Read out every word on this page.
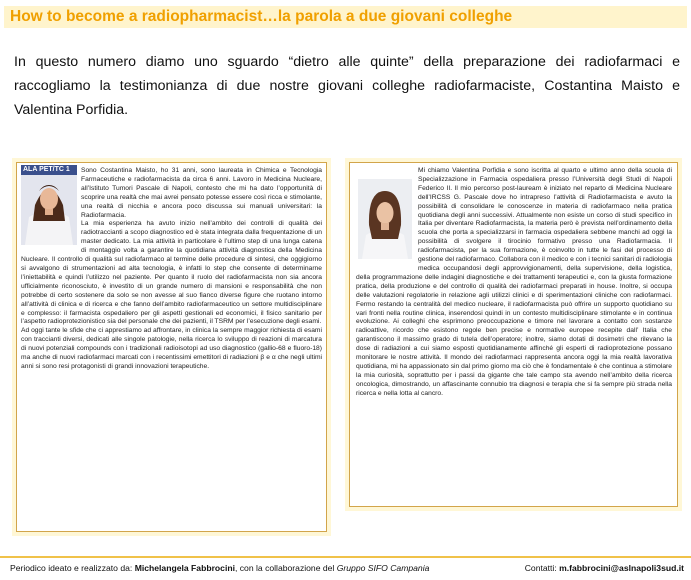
How to become a radiopharmacist…la parola a due giovani colleghe
In questo numero diamo uno sguardo “dietro alle quinte” della preparazione dei radiofarmaci e raccogliamo la testimonianza di due nostre giovani colleghe radiofarmaciste, Costantina Maisto e Valentina Porfidia.
ALA PET/TC 1	Sono Costantina Maisto, ho 31 anni, sono laureata in Chimica e Tecnologia Farmaceutiche e radiofarmacista da circa 6 anni. Lavoro in Medicina Nucleare, all’Istituto Tumori Pascale di Napoli, contesto che mi ha dato l’opportunità di scoprire una realtà che mai avrei pensato potesse essere così ricca e stimolante, una realtà di nicchia e ancora poco discussa sui manuali universitari: la Radiofarmacia.

La mia esperienza ha avuto inizio nell’ambito dei controlli di qualità dei radiotraccianti a scopo diagnostico ed è stata integrata dalla frequentazione di un master dedicato. La mia attività in particolare è l’ultimo step di una lunga catena di montaggio volta a garantire la quotidiana attività diagnostica della Medicina Nucleare. Il controllo di qualità sul radiofarmaco al termine delle procedure di sintesi, che oggigiorno si avvalgono di strumentazioni ad alta tecnologia, è infatti lo step che consente di determinarne l’iniettabilità e quindi l’utilizzo nel paziente. Per quanto il ruolo del radiofarmacista non sia ancora ufficialmente riconosciuto, è investito di un grande numero di mansioni e responsabilità che non potrebbe di certo sostenere da solo se non avesse al suo fianco diverse figure che ruotano intorno all’attività di clinica e di ricerca e che fanno dell’ambito radiofarmaceutico un settore multidisciplinare e complesso: il farmacista ospedaliero per gli aspetti gestionali ed economici, il fisico sanitario per l’aspetto radioprotezionistico sia del personale che dei pazienti, il TSRM per l’esecuzione degli esami.

Ad oggi tante le sfide che ci apprestiamo ad affrontare, in clinica la sempre maggior richiesta di esami con traccianti diversi, dedicati alle singole patologie, nella ricerca lo sviluppo di reazioni di marcatura di nuovi potenziali compounds con i tradizionali radioisotopi ad uso diagnostico (gallio-68 e fluoro-18) ma anche di nuovi radiofarmaci marcati con i recentissimi emettitori di radiazioni β e α che negli ultimi anni si sono resi protagonisti di grandi innovazioni terapeutiche.

Mi chiamo Valentina Porfidia e sono iscritta al quarto e ultimo anno della scuola di Specializzazione in Farmacia ospedaliera presso l’Università degli Studi di Napoli Federico II. Il mio percorso post-lauream è iniziato nel reparto di Medicina Nucleare dell’IRCSS G. Pascale dove ho intrapreso l’attività di Radiofarmacista e avuto la possibilità di consolidare le conoscenze in materia di radiofarmaco nella pratica quotidiana degli anni successivi. Attualmente non esiste un corso di studi specifico in Italia per diventare Radiofarmacista, la materia però è prevista nell’ordinamento della scuola che porta a specializzarsi in farmacia ospedaliera sebbene manchi ad oggi la possibilità di svolgere il tirocinio formativo presso una Radiofarmacia. Il radiofarmacista, per la sua formazione, è coinvolto in tutte le fasi del processo di gestione del radiofarmaco. Collabora con il medico e con i tecnici sanitari di radiologia medica occupandosi degli approvvigionamenti, della supervisione, della logistica, della programmazione delle indagini diagnostiche e dei trattamenti terapeutici e, con la giusta formazione pratica, della produzione e del controllo di qualità dei radiofarmaci preparati in house. Inoltre, si occupa delle valutazioni regolatorie in relazione agli utilizzi clinici e di sperimentazioni cliniche con radiofarmaci. Fermo restando la centralità del medico nucleare, il radiofarmacista può offrire un supporto quotidiano su vari fronti nella routine clinica, inserendosi quindi in un contesto multidisciplinare stimolante e in continua evoluzione. Ai colleghi che esprimono preoccupazione e timore nel lavorare a contatto con sostanze radioattive, ricordo che esistono regole ben precise e normative europee recepite dall’ Italia che garantiscono il massimo grado di tutela dell’operatore; inoltre, siamo dotati di dosimetri che rilevano la dose di radiazioni a cui siamo esposti quotidianamente affinché gli esperti di radioprotezione possano monitorare le nostre attività. Il mondo dei radiofarmaci rappresenta ancora oggi la mia realtà lavorativa quotidiana, mi ha appassionato sin dal primo giorno ma ciò che è fondamentale è che continua a stimolare la mia curiosità, soprattutto per i passi da gigante che tale campo sta avendo nell’ambito della ricerca oncologica, dimostrando, un affascinante connubio tra diagnosi e terapia che si fa sempre più strada nella ricerca e nella lotta al cancro.

Periodico ideato e realizzato da: Michelangela Fabbrocini, con la collaborazione del Gruppo SIFO Campania	Contatti: m.fabbrocini@aslnapoli3sud.it
